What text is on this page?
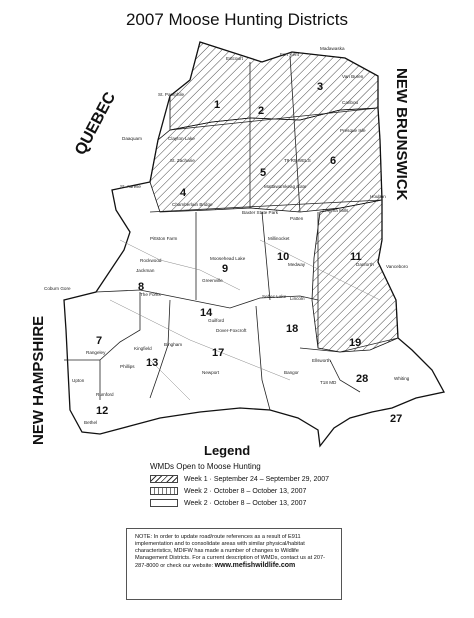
2007 Moose Hunting Districts
QUEBEC	NEW BRUNSWICK
NEW HAMPSHIRE
1	2
3
4
5
6
7
8
9
10	11
12
13
14
17
18
19
27
28
St. Pamphile
Estcourt
Fort Kent
Madawaska
Van Buren
Caribou
Presque Isle
Daaquam	Clayton Lake
St. Zacharie
St. Aurelie
Chamberlain Bridge
T9 R5 WELS
Mattawamkeag Gate
Houlton
Baxter State Park
Pittston Farm
Rockwood
Jackman
Moosehead Lake
Millinocket
Medway
Patten
Smyrna Mills
Danforth	Vanceboro
Coburn Gore
The Forks
Greenville
Guilford
Dover-Foxcroft
Lincoln
Sebec Lake
Rangeley
Kingfield
Bingham
Phillips
Bangor
Ellsworth
T18 MD
Whiting
Upton
Rumford
Bethel
Newport
Legend
WMDs Open to Moose Hunting
Week 1 · September 24 – September 29, 2007
Week 2 · October 8 – October 13, 2007
Week 2 · October 8 – October 13, 2007
NOTE: In order to update road/route references as a result of E911 implementation and to consolidate areas with similar physical/habitat characteristics, MDIFW has made a number of changes to Wildlife Management Districts. For a current description of WMDs, contact us at 207-287-8000 or check our website: www.mefishwildlife.com
